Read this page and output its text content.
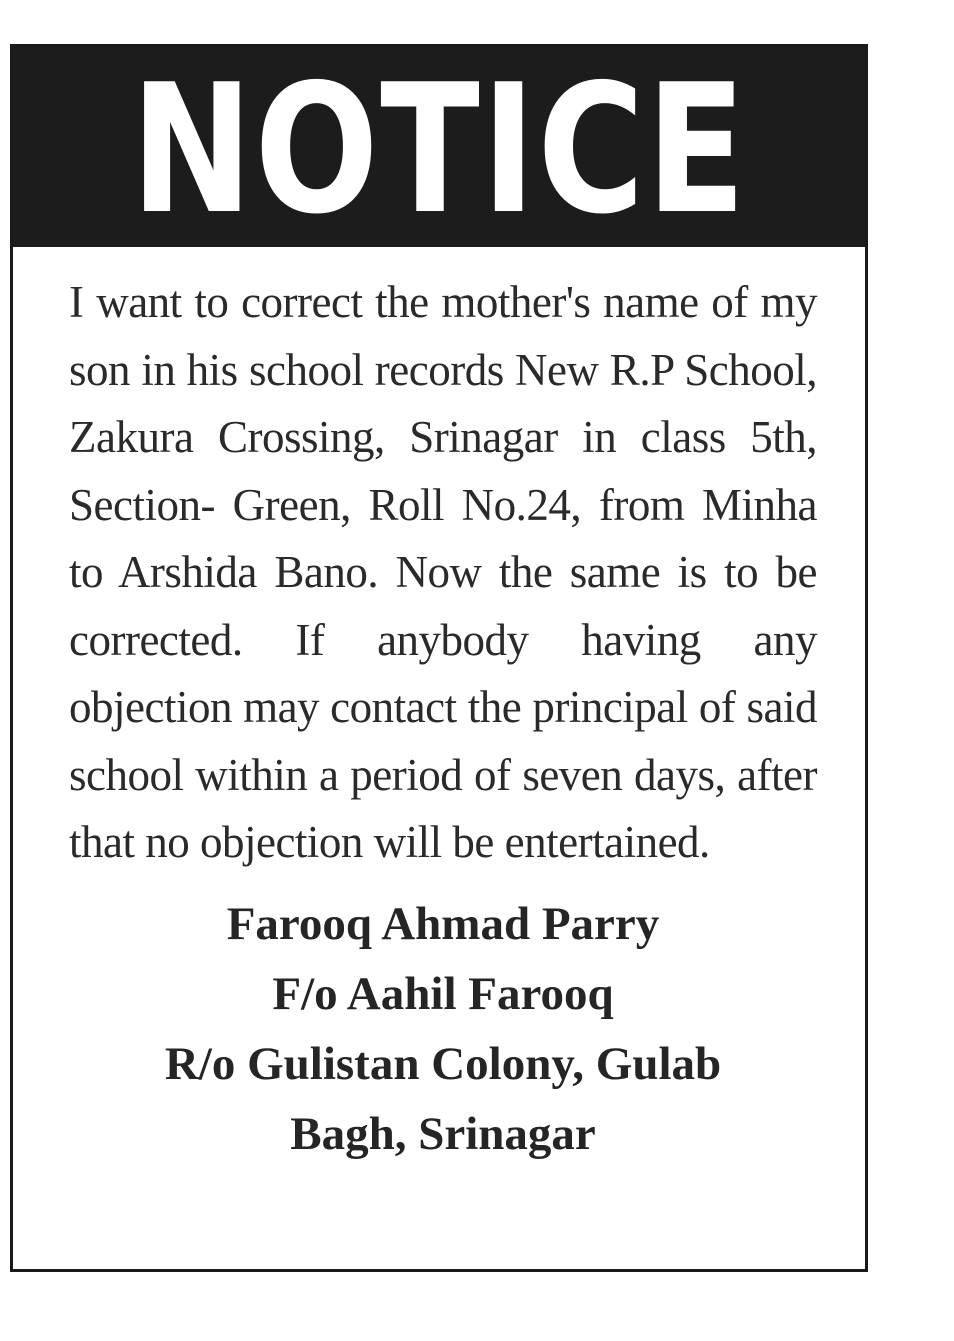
NOTICE

I want to correct the mother's name of my son in his school records New R.P School, Zakura Crossing, Srinagar in class 5th, Section- Green, Roll No.24, from Minha to Arshida Bano. Now the same is to be corrected. If anybody having any objection may contact the principal of said school within a period of seven days, after that no objection will be entertained.

Farooq Ahmad Parry
F/o Aahil Farooq
R/o Gulistan Colony, Gulab
Bagh, Srinagar
